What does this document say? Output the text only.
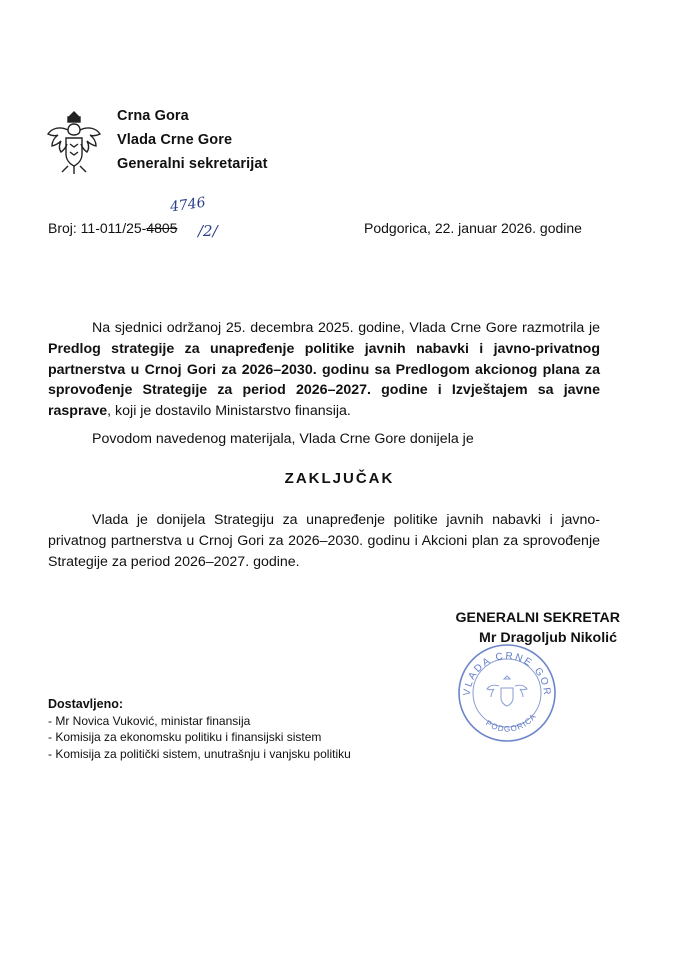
Crna Gora
Vlada Crne Gore
Generalni sekretarijat
4746
Broj: 11-011/25-4805 /2/	Podgorica, 22. januar 2026. godine

Na sjednici održanoj 25. decembra 2025. godine, Vlada Crne Gore razmotrila je Predlog strategije za unapređenje politike javnih nabavki i javno-privatnog partnerstva u Crnoj Gori za 2026–2030. godinu sa Predlogom akcionog plana za sprovođenje Strategije za period 2026–2027. godine i Izvještajem sa javne rasprave, koji je dostavilo Ministarstvo finansija.

Povodom navedenog materijala, Vlada Crne Gore donijela je
ZAKLJUČAK

Vlada je donijela Strategiju za unapređenje politike javnih nabavki i javno-privatnog partnerstva u Crnoj Gori za 2026–2030. godinu i Akcioni plan za sprovođenje Strategije za period 2026–2027. godine.

GENERALNI SEKRETAR
Mr Dragoljub Nikolić
VLADA CRNE GOR
PODGORICA
Dostavljeno:
- Mr Novica Vuković, ministar finansija
- Komisija za ekonomsku politiku i finansijski sistem
- Komisija za politički sistem, unutrašnju i vanjsku politiku
